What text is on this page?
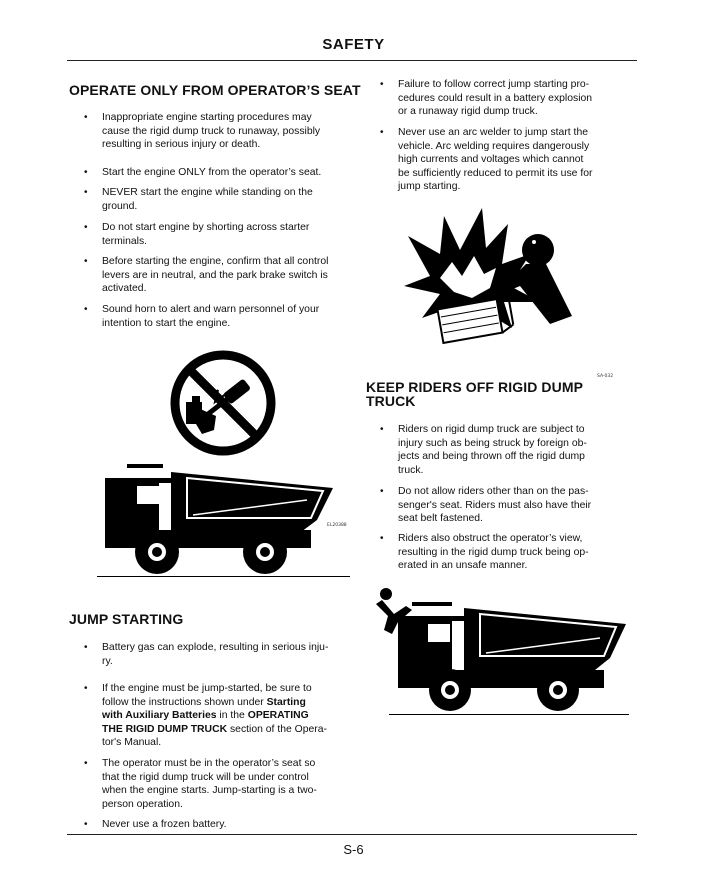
SAFETY
OPERATE ONLY FROM OPERATOR’S SEAT
• Inappropriate engine starting procedures may
cause the rigid dump truck to runaway, possibly
resulting in serious injury or death.
• Start the engine ONLY from the operator’s seat.
• NEVER start the engine while standing on the
ground.
• Do not start engine by shorting across starter
terminals.
• Before starting the engine, confirm that all control
levers are in neutral, and the park brake switch is
activated.
• Sound horn to alert and warn personnel of your
intention to start the engine.
EL20388
JUMP STARTING
• Battery gas can explode, resulting in serious inju-
ry.
• If the engine must be jump-started, be sure to
follow the instructions shown under Starting
with Auxiliary Batteries in the OPERATING
THE RIGID DUMP TRUCK section of the Opera-
tor's Manual.
• The operator must be in the operator’s seat so
that the rigid dump truck will be under control
when the engine starts. Jump-starting is a two-
person operation.
• Never use a frozen battery.
• Failure to follow correct jump starting pro-
cedures could result in a battery explosion
or a runaway rigid dump truck.
• Never use an arc welder to jump start the
vehicle. Arc welding requires dangerously
high currents and voltages which cannot
be sufficiently reduced to permit its use for
jump starting.
SA-032
KEEP RIDERS OFF RIGID DUMP
TRUCK
• Riders on rigid dump truck are subject to
injury such as being struck by foreign ob-
jects and being thrown off the rigid dump
truck.
• Do not allow riders other than on the pas-
senger's seat. Riders must also have their
seat belt fastened.
• Riders also obstruct the operator’s view,
resulting in the rigid dump truck being op-
erated in an unsafe manner.
S-6
